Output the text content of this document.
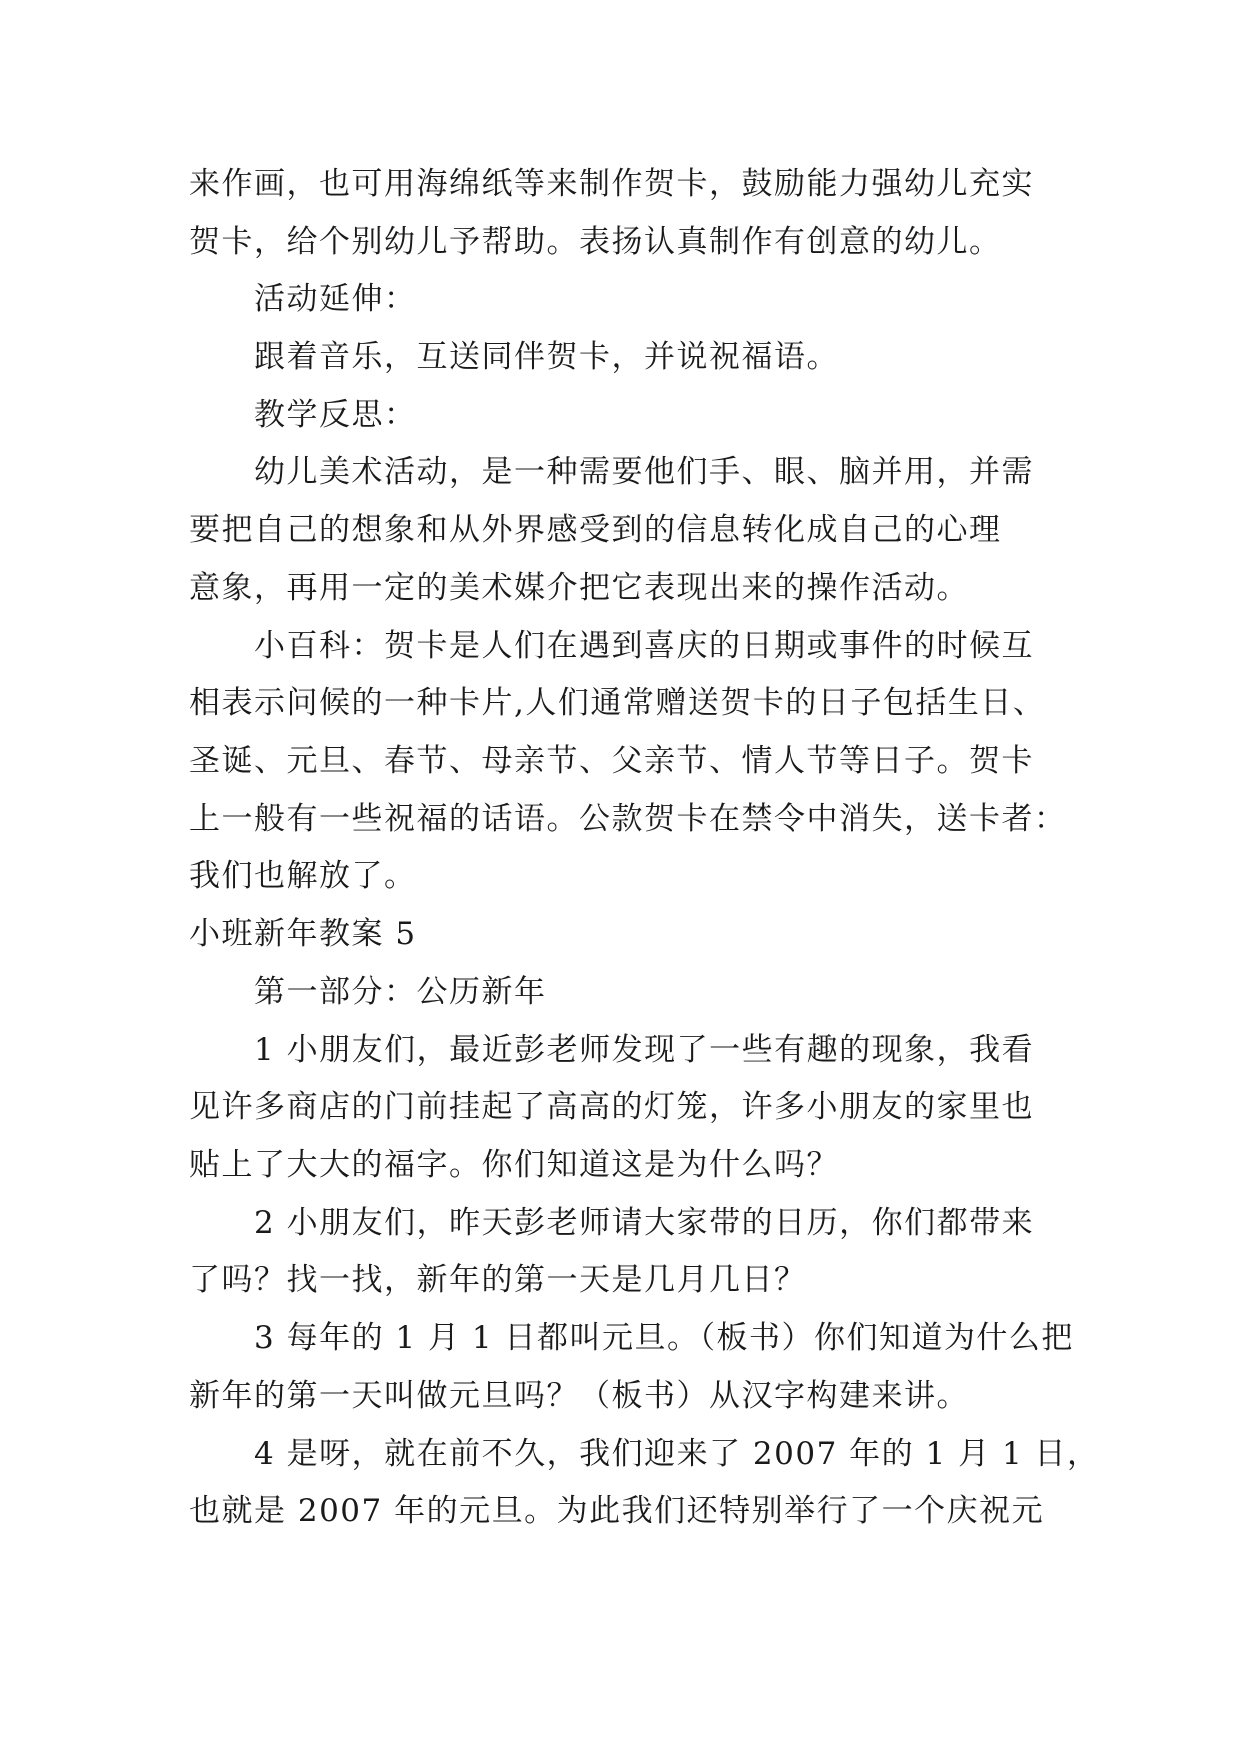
来作画，也可用海绵纸等来制作贺卡，鼓励能力强幼儿充实
贺卡，给个别幼儿予帮助。表扬认真制作有创意的幼儿。
活动延伸：
跟着音乐，互送同伴贺卡，并说祝福语。
教学反思：
幼儿美术活动，是一种需要他们手、眼、脑并用，并需
要把自己的想象和从外界感受到的信息转化成自己的心理
意象，再用一定的美术媒介把它表现出来的操作活动。
小百科：贺卡是人们在遇到喜庆的日期或事件的时候互
相表示问候的一种卡片,人们通常赠送贺卡的日子包括生日、
圣诞、元旦、春节、母亲节、父亲节、情人节等日子。贺卡
上一般有一些祝福的话语。公款贺卡在禁令中消失，送卡者：
我们也解放了。
小班新年教案 5
第一部分：公历新年
1 小朋友们，最近彭老师发现了一些有趣的现象，我看
见许多商店的门前挂起了高高的灯笼，许多小朋友的家里也
贴上了大大的福字。你们知道这是为什么吗？
2 小朋友们，昨天彭老师请大家带的日历，你们都带来
了吗？找一找，新年的第一天是几月几日？
3 每年的 1 月 1 日都叫元旦。（板书）你们知道为什么把
新年的第一天叫做元旦吗？（板书）从汉字构建来讲。
4 是呀，就在前不久，我们迎来了 2007 年的 1 月 1 日，
也就是 2007 年的元旦。为此我们还特别举行了一个庆祝元
